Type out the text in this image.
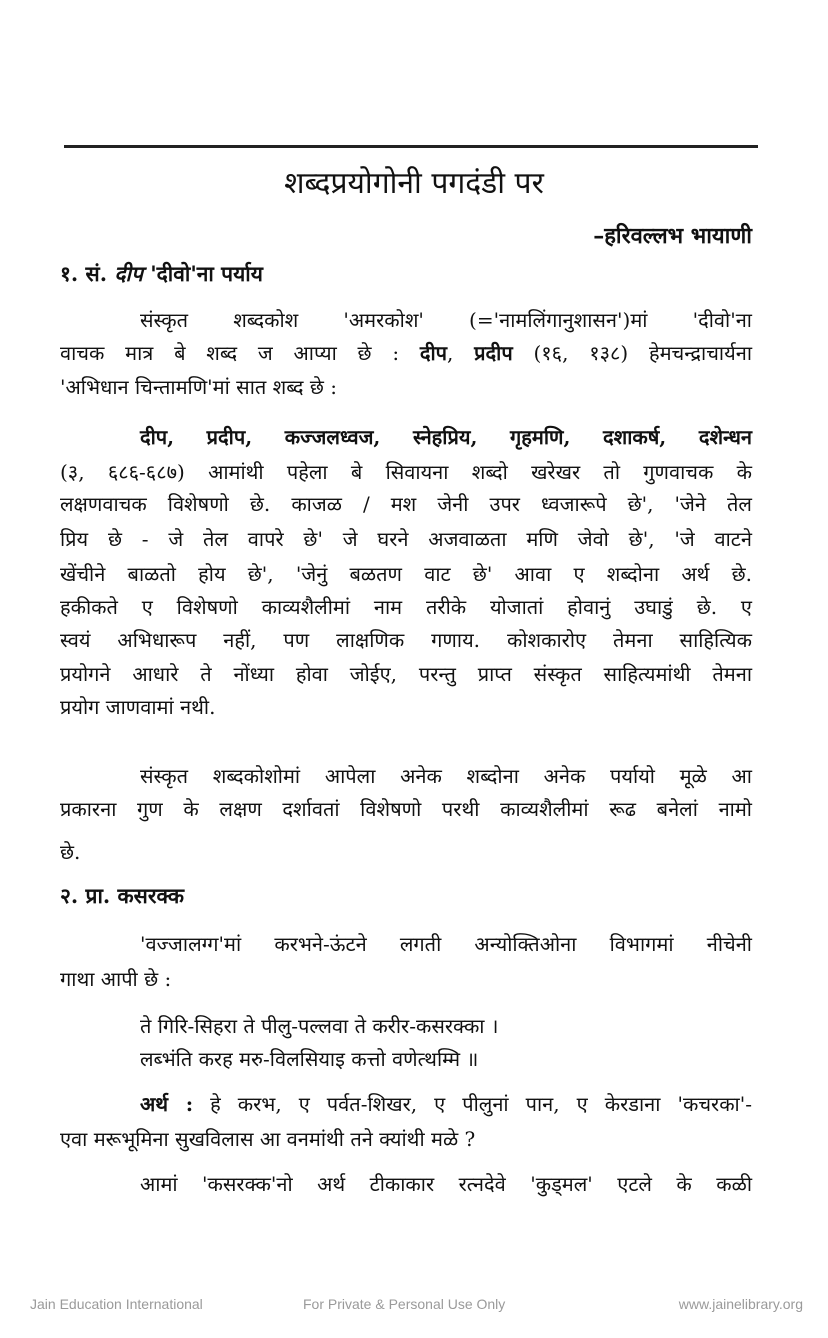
शब्दप्रयोगोनी पगदंडी पर
–हरिवल्लभ भायाणी
१. सं. दीप 'दीवो'ना पर्याय
संस्कृत शब्दकोश 'अमरकोश' (='नामलिंगानुशासन')मां 'दीवो'ना
वाचक मात्र बे शब्द ज आप्या छे : दीप, प्रदीप (१६, १३८) हेमचन्द्राचार्यना
'अभिधान चिन्तामणि'मां सात शब्द छे :
दीप, प्रदीप, कज्जलध्वज, स्नेहप्रिय, गृहमणि, दशाकर्ष, दशेन्धन
(३, ६८६-६८७) आमांथी पहेला बे सिवायना शब्दो खरेखर तो गुणवाचक के
लक्षणवाचक विशेषणो छे. काजळ / मश जेनी उपर ध्वजारूपे छे', 'जेने तेल
प्रिय छे - जे तेल वापरे छे' जे घरने अजवाळता मणि जेवो छे', 'जे वाटने
खेंचीने बाळतो होय छे', 'जेनुं बळतण वाट छे' आवा ए शब्दोना अर्थ छे.
हकीकते ए विशेषणो काव्यशैलीमां नाम तरीके योजातां होवानुं उघाडुं छे. ए
स्वयं अभिधारूप नहीं, पण लाक्षणिक गणाय. कोशकारोए तेमना साहित्यिक
प्रयोगने आधारे ते नोंध्या होवा जोईए, परन्तु प्राप्त संस्कृत साहित्यमांथी तेमना
प्रयोग जाणवामां नथी.
संस्कृत शब्दकोशोमां आपेला अनेक शब्दोना अनेक पर्यायो मूळे आ
प्रकारना गुण के लक्षण दर्शावतां विशेषणो परथी काव्यशैलीमां रूढ बनेलां नामो
छे.
२. प्रा. कसरक्क
'वज्जालग्ग'मां करभने-ऊंटने लगती अन्योक्तिओना विभागमां नीचेनी
गाथा आपी छे :
ते गिरि-सिहरा ते पीलु-पल्लवा ते करीर-कसरक्का ।
लब्भंति करह मरु-विलसियाइ कत्तो वणेत्थम्मि ॥
अर्थ : हे करभ, ए पर्वत-शिखर, ए पीलुनां पान, ए केरडाना 'कचरका'-
एवा मरूभूमिना सुखविलास आ वनमांथी तने क्यांथी मळे ?
आमां 'कसरक्क'नो अर्थ टीकाकार रत्नदेवे 'कुड्मल' एटले के कळी
Jain Education International	For Private & Personal Use Only	www.jainelibrary.org
